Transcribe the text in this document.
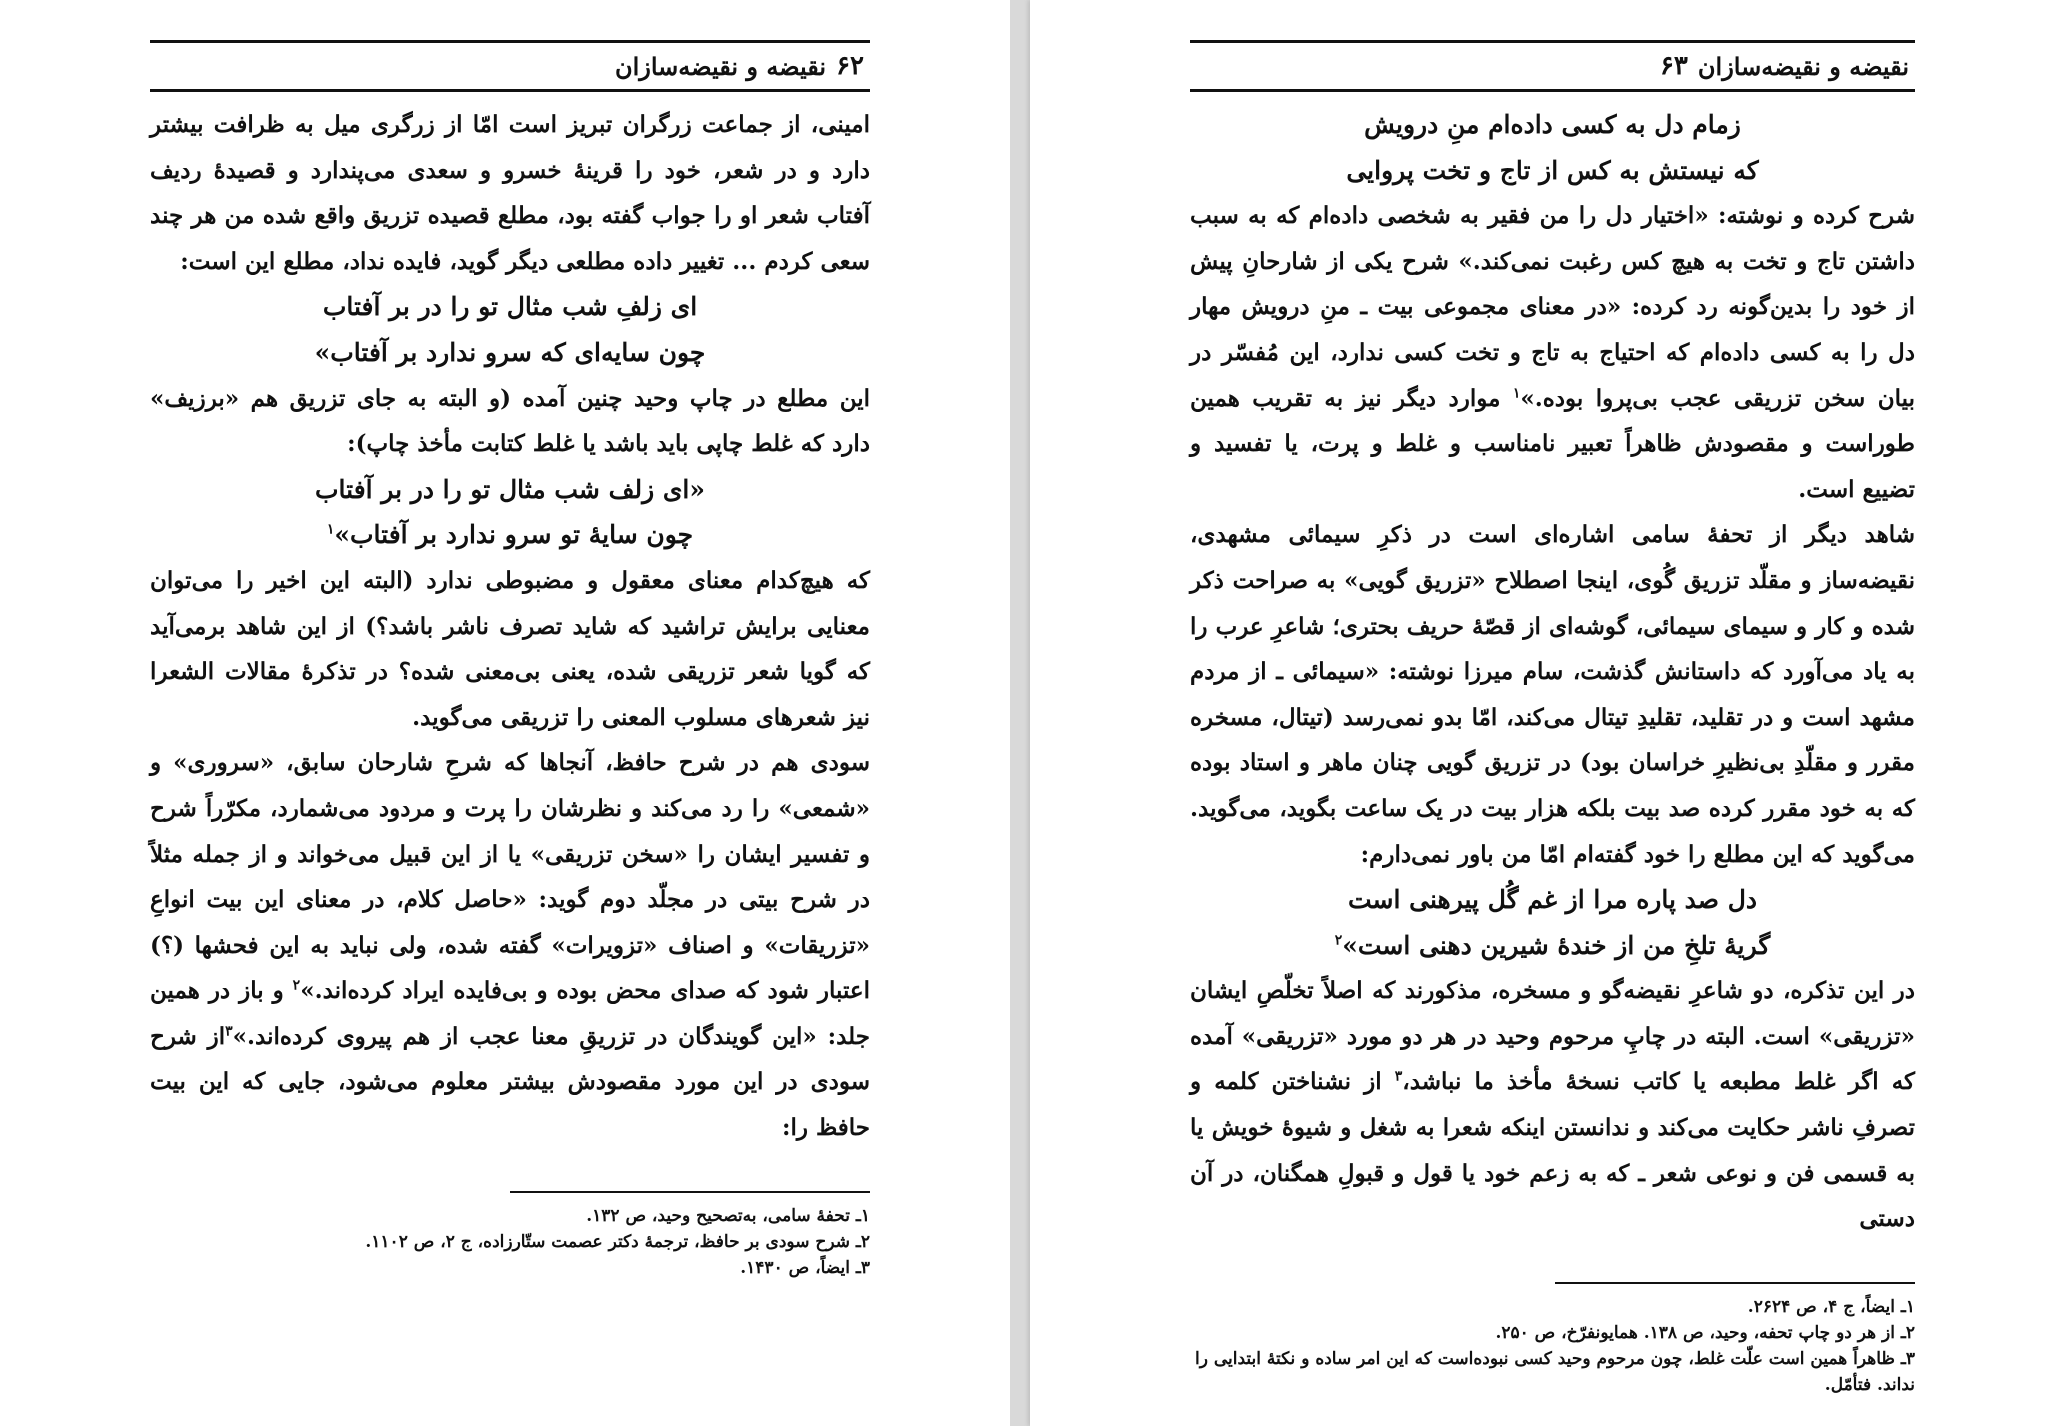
۶۲
نقیضه و نقیضه‌سازان

امینی، از جماعت زرگران تبریز است امّا از زرگری میل به ظرافت بیشتر دارد و در شعر، خود را قرینهٔ خسرو و سعدی می‌پندارد و قصیدهٔ ردیف آفتاب شعر او را جواب گفته بود، مطلع قصیده تزریق واقع شده من هر چند سعی کردم ... تغییر داده مطلعی دیگر گوید، فایده نداد، مطلع این است:

ای زلفِ شب مثال تو را در بر آفتاب
چون سایه‌ای که سرو ندارد بر آفتاب»

این مطلع در چاپ وحید چنین آمده (و البته به جای تزریق هم «برزیف» دارد که غلط چاپی باید باشد یا غلط کتابت مأخذ چاپ):

«ای زلف شب مثال تو را در بر آفتاب
چون سایهٔ تو سرو ندارد بر آفتاب»$^۱$

که هیچ‌کدام معنای معقول و مضبوطی ندارد (البته این اخیر را می‌توان معنایی برایش تراشید که شاید تصرف ناشر باشد؟) از این شاهد برمی‌آید که گویا شعر تزریقی شده، یعنی بی‌معنی شده؟ در تذکرهٔ مقالات الشعرا نیز شعرهای مسلوب المعنی را تزریقی می‌گوید.

سودی هم در شرح حافظ، آنجاها که شرحِ شارحان سابق، «سروری» و «شمعی» را رد می‌کند و نظرشان را پرت و مردود می‌شمارد، مکرّراً شرح و تفسیر ایشان را «سخن تزریقی» یا از این قبیل می‌خواند و از جمله مثلاً در شرح بیتی در مجلّد دوم گوید: «حاصل کلام، در معنای این بیت انواعِ «تزریقات» و اصناف «تزویرات» گفته شده، ولی نباید به این فحشها (؟) اعتبار شود که صدای محض بوده و بی‌فایده ایراد کرده‌اند.»$^۲$ و باز در همین جلد: «این گویندگان در تزریقِ معنا عجب از هم پیروی کرده‌اند.»$^۳$از شرح سودی در این مورد مقصودش بیشتر معلوم می‌شود، جایی که این بیت حافظ را:

۱ـ تحفهٔ سامی، به‌تصحیح وحید، ص ۱۳۲.

۲ـ شرح سودی بر حافظ، ترجمهٔ دکتر عصمت ستّارزاده، ج ۲، ص ۱۱۰۲.

۳ـ ایضاً، ص ۱۴۳۰.

نقیضه و نقیضه‌سازان
۶۳
زمام دل به کسی داده‌ام منِ درویش
که نیستش به کس از تاج و تخت پروایی

شرح کرده و نوشته: «اختیار دل را من فقیر به شخصی داده‌ام که به سبب داشتن تاج و تخت به هیچ کس رغبت نمی‌کند.» شرح یکی از شارحانِ پیش از خود را بدین‌گونه رد کرده: «در معنای مجموعی بیت ـ منِ درویش مهار دل را به کسی داده‌ام که احتیاج به تاج و تخت کسی ندارد، این مُفسّر در بیان سخن تزریقی عجب بی‌پروا بوده.»$^۱$ موارد دیگر نیز به تقریب همین طوراست و مقصودش ظاهراً تعبیر نامناسب و غلط و پرت، یا تفسید و تضییع است.

شاهد دیگر از تحفهٔ سامی اشاره‌ای است در ذکرِ سیمائی مشهدی، نقیضه‌ساز و مقلّد تزریق گُوی، اینجا اصطلاح «تزریق گویی» به صراحت ذکر شده و کار و سیمای سیمائی، گوشه‌ای از قصّهٔ حریف بحتری؛ شاعرِ عرب را به یاد می‌آورد که داستانش گذشت، سام میرزا نوشته: «سیمائی ـ از مردم مشهد است و در تقلید، تقلیدِ تیتال می‌کند، امّا بدو نمی‌رسد (تیتال، مسخره مقرر و مقلّدِ بی‌نظیرِ خراسان بود) در تزریق گویی چنان ماهر و استاد بوده که به خود مقرر کرده صد بیت بلکه هزار بیت در یک ساعت بگوید، می‌گوید. می‌گوید که این مطلع را خود گفته‌ام امّا من باور نمی‌دارم:

دل صد پاره مرا از غم گُل پیرهنی است
گریهٔ تلخِ من از خندهٔ شیرین دهنی است»$^۲$

در این تذکره، دو شاعرِ نقیضه‌گو و مسخره، مذکورند که اصلاً تخلّصِ ایشان «تزریقی» است. البته در چاپِ مرحوم وحید در هر دو مورد «تزریقی» آمده که اگر غلط مطبعه یا کاتب نسخهٔ مأخذ ما نباشد،$^۳$ از نشناختن کلمه و تصرفِ ناشر حکایت می‌کند و ندانستن اینکه شعرا به شغل و شیوهٔ خویش یا به قسمی فن و نوعی شعر ـ که به زعم خود یا قول و قبولِ همگنان، در آن دستی

۱ـ ایضاً، ج ۴، ص ۲۶۲۴.

۲ـ از هر دو چاپ تحفه، وحید، ص ۱۳۸. همایونفرّخ، ص ۲۵۰.

۳ـ ظاهراً همین است علّت غلط، چون مرحوم وحید کسی نبوده‌است که این امر ساده و نکتهٔ ابتدایی را نداند. فتأمّل.
